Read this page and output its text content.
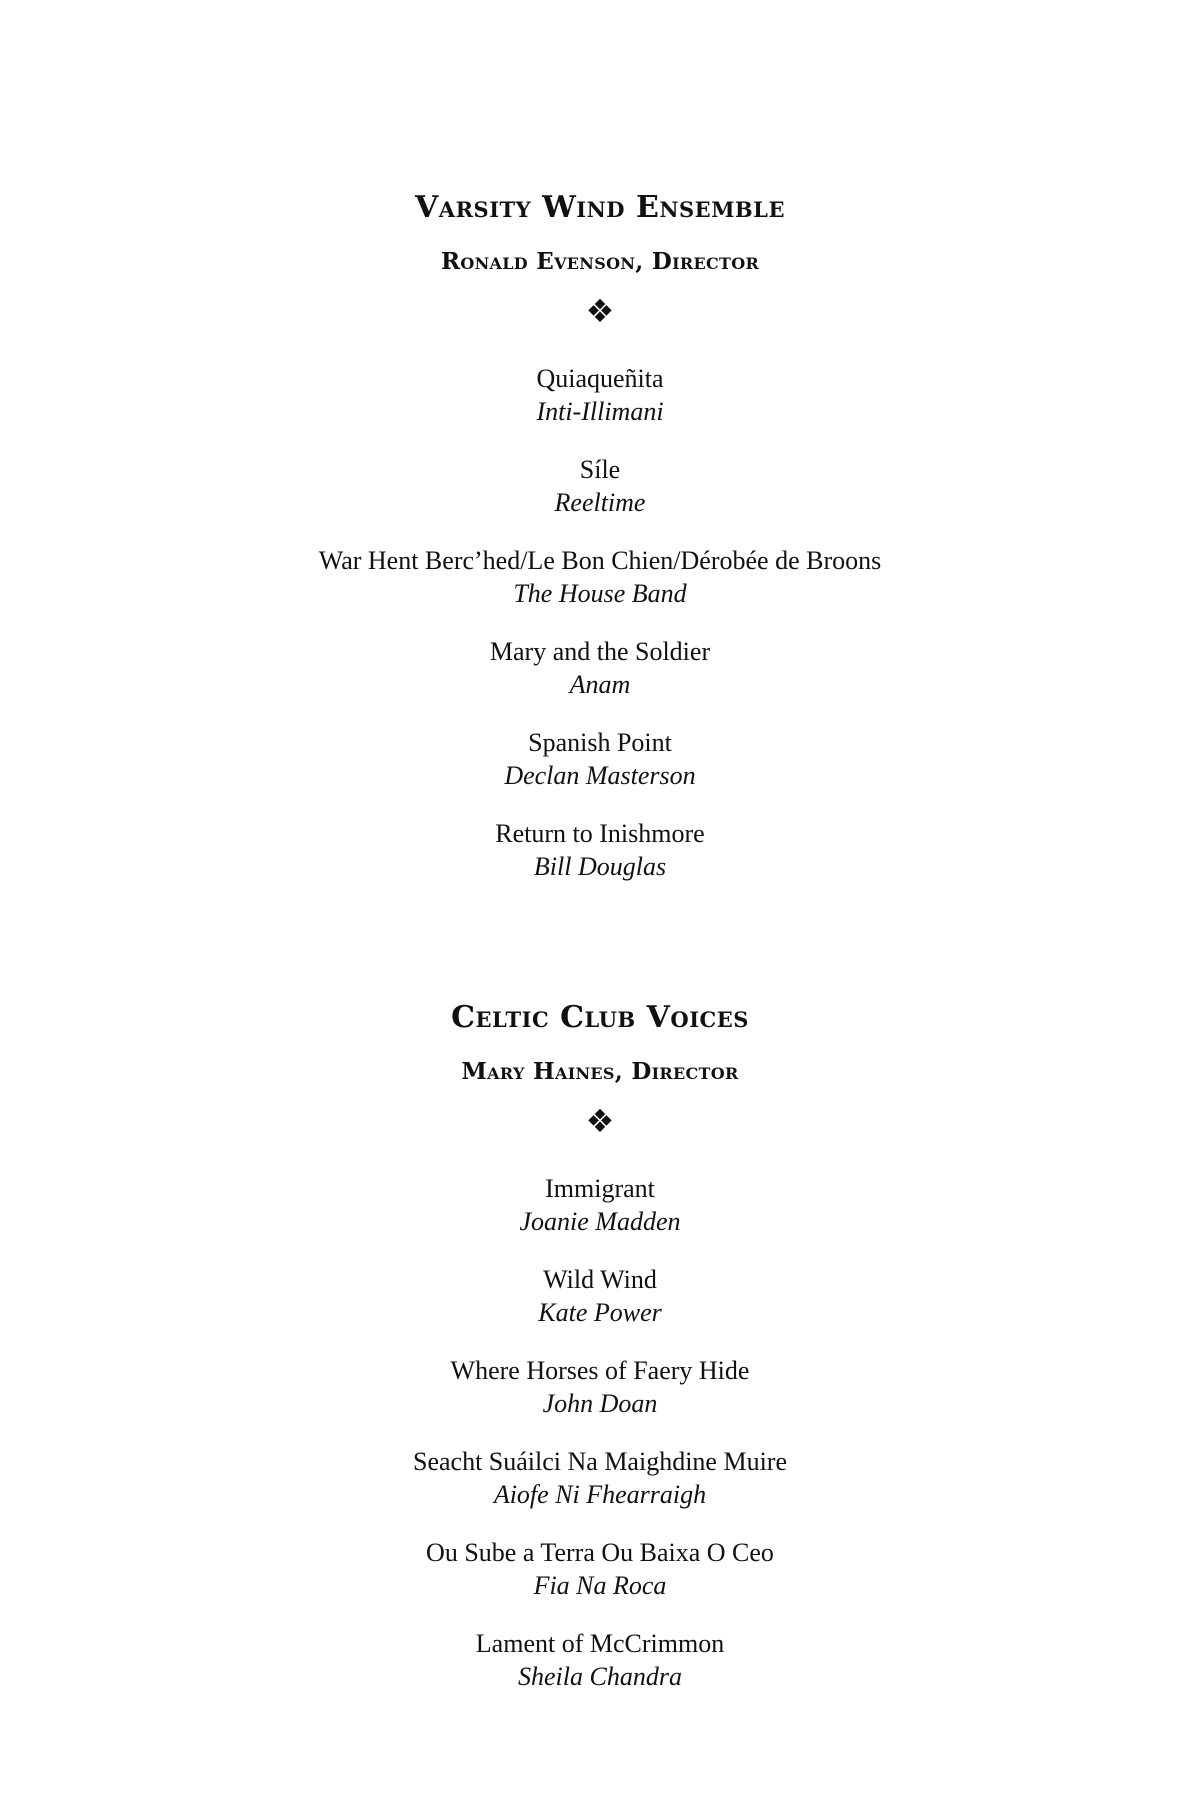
Varsity Wind Ensemble
Ronald Evenson, Director
❖
Quiaqueñita
Inti-Illimani
Síle
Reeltime
War Hent Berc’hed/Le Bon Chien/Dérobée de Broons
The House Band
Mary and the Soldier
Anam
Spanish Point
Declan Masterson
Return to Inishmore
Bill Douglas
Celtic Club Voices
Mary Haines, Director
❖
Immigrant
Joanie Madden
Wild Wind
Kate Power
Where Horses of Faery Hide
John Doan
Seacht Suáilci Na Maighdine Muire
Aiofe Ni Fhearraigh
Ou Sube a Terra Ou Baixa O Ceo
Fia Na Roca
Lament of McCrimmon
Sheila Chandra
